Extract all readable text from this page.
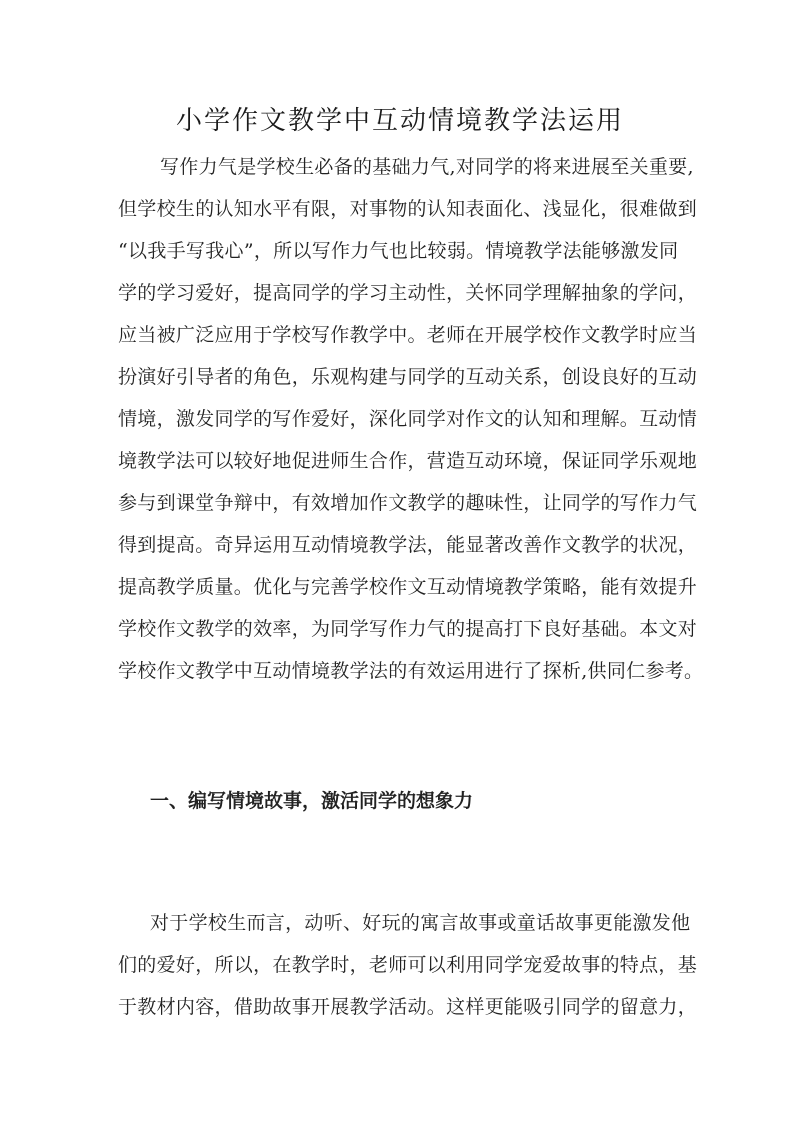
小学作文教学中互动情境教学法运用

写作力气是学校生必备的基础力气,对同学的将来进展至关重要,

但学校生的认知水平有限，对事物的认知表面化、浅显化，很难做到

“以我手写我心”，所以写作力气也比较弱。情境教学法能够激发同

学的学习爱好，提高同学的学习主动性，关怀同学理解抽象的学问，

应当被广泛应用于学校写作教学中。老师在开展学校作文教学时应当

扮演好引导者的角色，乐观构建与同学的互动关系，创设良好的互动

情境，激发同学的写作爱好，深化同学对作文的认知和理解。互动情

境教学法可以较好地促进师生合作，营造互动环境，保证同学乐观地

参与到课堂争辩中，有效增加作文教学的趣味性，让同学的写作力气

得到提高。奇异运用互动情境教学法，能显著改善作文教学的状况，

提高教学质量。优化与完善学校作文互动情境教学策略，能有效提升

学校作文教学的效率，为同学写作力气的提高打下良好基础。本文对

学校作文教学中互动情境教学法的有效运用进行了探析,供同仁参考。

一、编写情境故事，激活同学的想象力

对于学校生而言，动听、好玩的寓言故事或童话故事更能激发他

们的爱好，所以，在教学时，老师可以利用同学宠爱故事的特点，基

于教材内容，借助故事开展教学活动。这样更能吸引同学的留意力，
